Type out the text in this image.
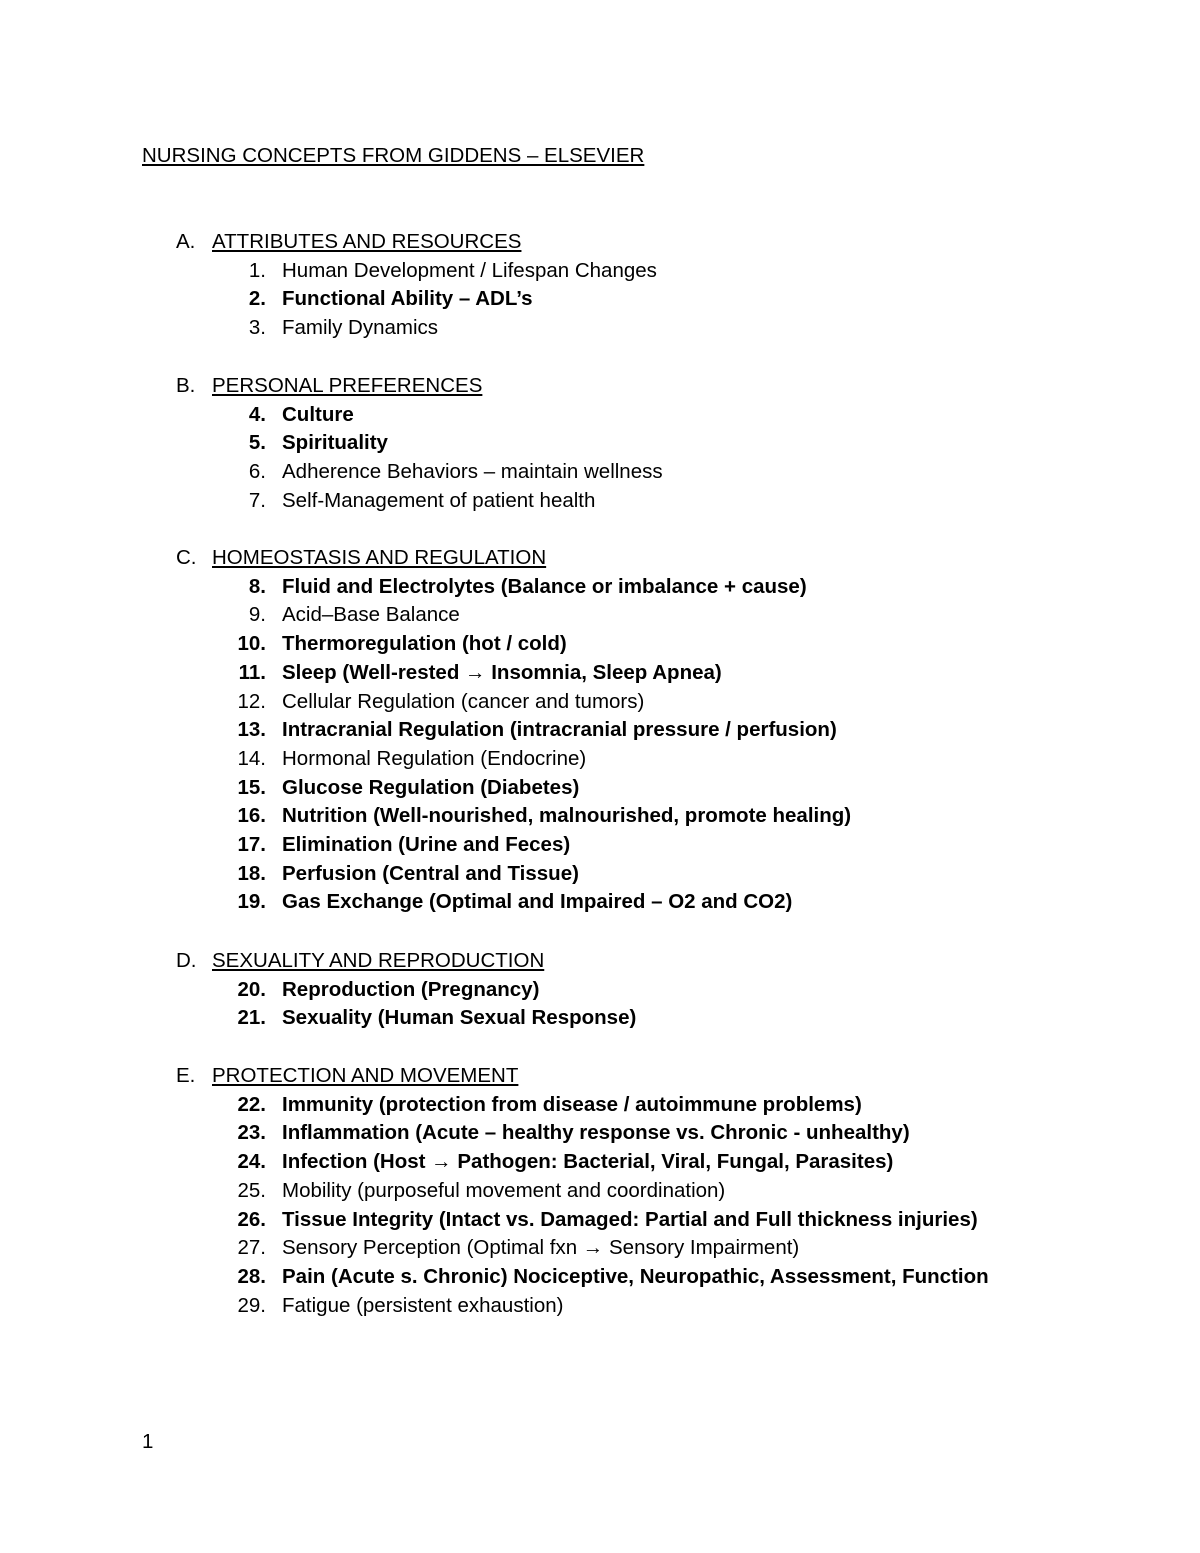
NURSING CONCEPTS FROM GIDDENS – ELSEVIER
A. ATTRIBUTES AND RESOURCES
1. Human Development / Lifespan Changes
2. Functional Ability – ADL’s
3. Family Dynamics
B. PERSONAL PREFERENCES
4. Culture
5. Spirituality
6. Adherence Behaviors – maintain wellness
7. Self-Management of patient health
C. HOMEOSTASIS AND REGULATION
8. Fluid and Electrolytes (Balance or imbalance + cause)
9. Acid–Base Balance
10. Thermoregulation (hot / cold)
11. Sleep (Well-rested → Insomnia, Sleep Apnea)
12. Cellular Regulation (cancer and tumors)
13. Intracranial Regulation (intracranial pressure / perfusion)
14. Hormonal Regulation (Endocrine)
15. Glucose Regulation (Diabetes)
16. Nutrition (Well-nourished, malnourished, promote healing)
17. Elimination (Urine and Feces)
18. Perfusion (Central and Tissue)
19. Gas Exchange (Optimal and Impaired – O2 and CO2)
D. SEXUALITY AND REPRODUCTION
20. Reproduction (Pregnancy)
21. Sexuality (Human Sexual Response)
E. PROTECTION AND MOVEMENT
22. Immunity (protection from disease / autoimmune problems)
23. Inflammation (Acute – healthy response vs. Chronic - unhealthy)
24. Infection (Host → Pathogen: Bacterial, Viral, Fungal, Parasites)
25. Mobility (purposeful movement and coordination)
26. Tissue Integrity (Intact vs. Damaged: Partial and Full thickness injuries)
27. Sensory Perception (Optimal fxn → Sensory Impairment)
28. Pain (Acute s. Chronic) Nociceptive, Neuropathic, Assessment, Function
29. Fatigue (persistent exhaustion)
1
